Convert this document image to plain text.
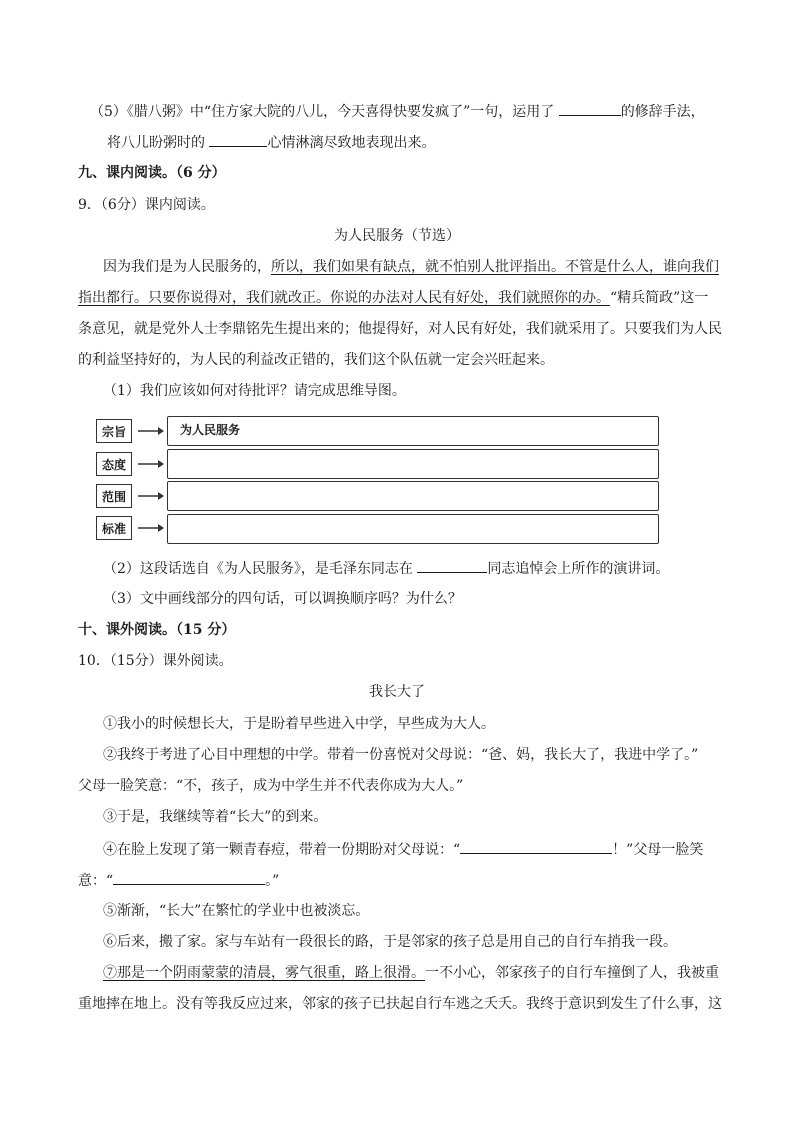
（5）《腊八粥》中“住方家大院的八儿，今天喜得快要发疯了”一句，运用了	的修辞手法，
将八儿盼粥时的	心情淋漓尽致地表现出来。
九、课内阅读。（6 分）
9．（6分）课内阅读。
为人民服务（节选）
因为我们是为人民服务的，所以，我们如果有缺点，就不怕别人批评指出。不管是什么人，谁向我们
指出都行。只要你说得对，我们就改正。你说的办法对人民有好处，我们就照你的办。“精兵简政”这一
条意见，就是党外人士李鼎铭先生提出来的；他提得好，对人民有好处，我们就采用了。只要我们为人民
的利益坚持好的，为人民的利益改正错的，我们这个队伍就一定会兴旺起来。
（1）我们应该如何对待批评？请完成思维导图。
宗旨	为人民服务
态度
范围
标准
（2）这段话选自《为人民服务》，是毛泽东同志在	同志追悼会上所作的演讲词。
（3）文中画线部分的四句话，可以调换顺序吗？为什么？
十、课外阅读。（15 分）
10．（15分）课外阅读。
我长大了
①我小的时候想长大，于是盼着早些进入中学，早些成为大人。
②我终于考进了心目中理想的中学。带着一份喜悦对父母说：“爸、妈，我长大了，我进中学了。”
父母一脸笑意：“不，孩子，成为中学生并不代表你成为大人。”
③于是，我继续等着“长大”的到来。
④在脸上发现了第一颗青春痘，带着一份期盼对父母说：“	！”父母一脸笑
意：“	。”
⑤渐渐，“长大”在繁忙的学业中也被淡忘。
⑥后来，搬了家。家与车站有一段很长的路，于是邻家的孩子总是用自己的自行车捎我一段。
⑦那是一个阴雨蒙蒙的清晨，雾气很重，路上很滑。一不小心，邻家孩子的自行车撞倒了人，我被重
重地摔在地上。没有等我反应过来，邻家的孩子已扶起自行车逃之夭夭。我终于意识到发生了什么事，这
